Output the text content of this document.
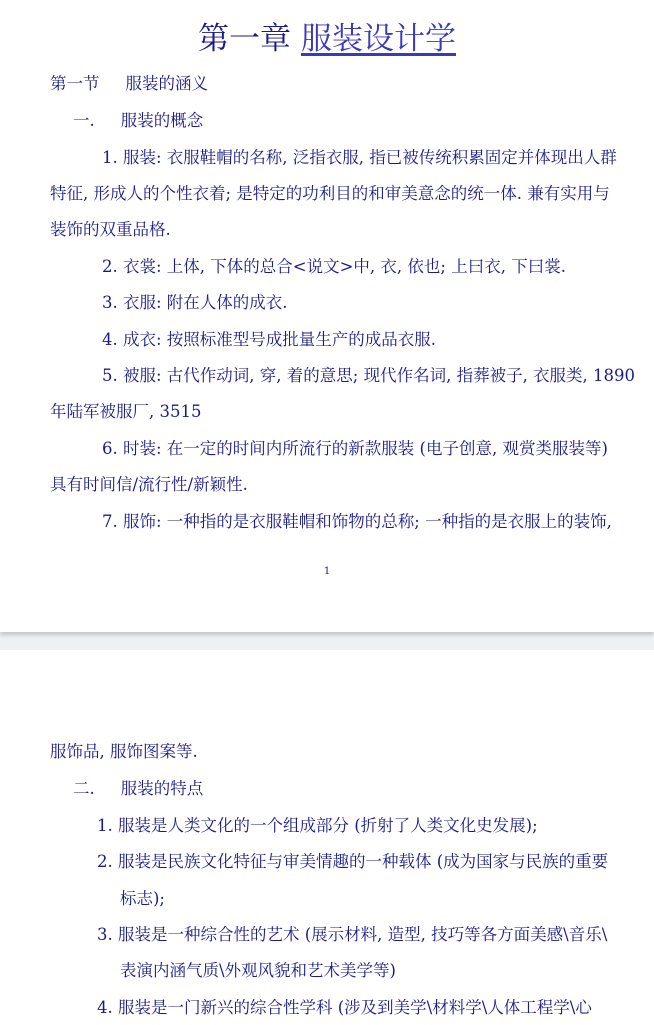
第一章 服装设计学
第一节 服装的涵义
一. 服装的概念
1. 服装: 衣服鞋帽的名称, 泛指衣服, 指已被传统积累固定并体现出人群
特征, 形成人的个性衣着; 是特定的功利目的和审美意念的统一体. 兼有实用与
装饰的双重品格.
2. 衣裳: 上体, 下体的总合<说文>中, 衣, 依也; 上曰衣, 下曰裳.
3. 衣服: 附在人体的成衣.
4. 成衣: 按照标准型号成批量生产的成品衣服.
5. 被服: 古代作动词, 穿, 着的意思; 现代作名词, 指葬被子, 衣服类, 1890
年陆军被服厂, 3515
6. 时装: 在一定的时间内所流行的新款服装 (电子创意, 观赏类服装等)
具有时间信/流行性/新颖性.
7. 服饰: 一种指的是衣服鞋帽和饰物的总称; 一种指的是衣服上的装饰,
1
服饰品, 服饰图案等.
二. 服装的特点
1. 服装是人类文化的一个组成部分 (折射了人类文化史发展);
2. 服装是民族文化特征与审美情趣的一种载体 (成为国家与民族的重要
标志);
3. 服装是一种综合性的艺术 (展示材料, 造型, 技巧等各方面美感\音乐\
表演内涵气质\外观风貌和艺术美学等)
4. 服装是一门新兴的综合性学科 (涉及到美学\材料学\人体工程学\心
